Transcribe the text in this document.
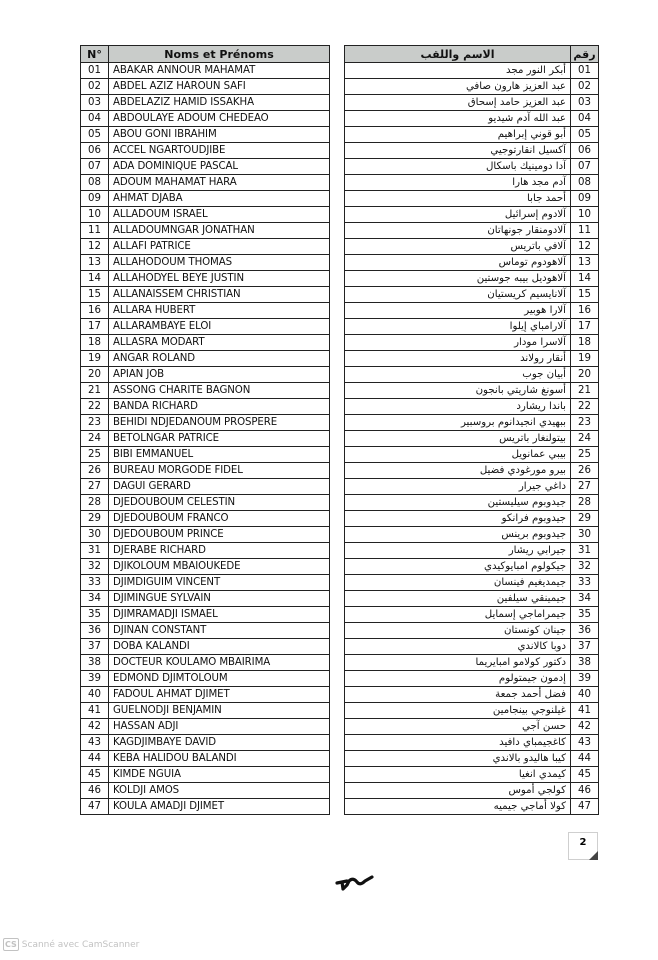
N°	Noms et Prénoms
01	ABAKAR ANNOUR MAHAMAT
02	ABDEL AZIZ HAROUN SAFI
03	ABDELAZIZ HAMID ISSAKHA
04	ABDOULAYE ADOUM CHEDEAO
05	ABOU GONI IBRAHIM
06	ACCEL NGARTOUDJIBE
07	ADA DOMINIQUE PASCAL
08	ADOUM MAHAMAT HARA
09	AHMAT DJABA
10	ALLADOUM ISRAEL
11	ALLADOUMNGAR JONATHAN
12	ALLAFI PATRICE
13	ALLAHODOUM THOMAS
14	ALLAHODYEL BEYE JUSTIN
15	ALLANAISSEM CHRISTIAN
16	ALLARA HUBERT
17	ALLARAMBAYE ELOI
18	ALLASRA MODART
19	ANGAR ROLAND
20	APIAN JOB
21	ASSONG CHARITE BAGNON
22	BANDA RICHARD
23	BEHIDI NDJEDANOUM PROSPERE
24	BETOLNGAR PATRICE
25	BIBI EMMANUEL
26	BUREAU MORGODE FIDEL
27	DAGUI GERARD
28	DJEDOUBOUM CELESTIN
29	DJEDOUBOUM FRANCO
30	DJEDOUBOUM PRINCE
31	DJERABE RICHARD
32	DJIKOLOUM MBAIOUKEDE
33	DJIMDIGUIM VINCENT
34	DJIMINGUE SYLVAIN
35	DJIMRAMADJI ISMAEL
36	DJINAN CONSTANT
37	DOBA KALANDI
38	DOCTEUR KOULAMO MBAIRIMA
39	EDMOND DJIMTOLOUM
40	FADOUL AHMAT DJIMET
41	GUELNODJI BENJAMIN
42	HASSAN ADJI
43	KAGDJIMBAYE DAVID
44	KEBA HALIDOU BALANDI
45	KIMDE NGUIA
46	KOLDJI AMOS
47	KOULA AMADJI DJIMET
رقم	الاسم واللقب
01	أبكر النور مجد
02	عبد العزيز هارون صافي
03	عبد العزيز حامد إسحاق
04	عبد الله آدم شيديو
05	أبو قوني إبراهيم
06	آكسيل انقارتوجيي
07	آدا دومينيك باسكال
08	آدم مجد هارا
09	أحمد جابا
10	آلادوم إسرائيل
11	آلادومنقار جونهاتان
12	آلافي باتريس
13	آلاهودوم توماس
14	آلاهوديل بيبه جوستين
15	آلانايسيم كريستيان
16	آلارا هوبير
17	آلارامباي إيلوا
18	آلاسرا مودار
19	أنقار رولاند
20	أبيان جوب
21	أسونغ شاريتي بانجون
22	باندا ريشارد
23	ببهيدي انجيدانوم بروسبير
24	بيتولنغار باتريس
25	بيبي عمانويل
26	بيرو مورغودي فضيل
27	داغي جيرار
28	جيدوبوم سيليستين
29	جيدوبوم فرانكو
30	جيدوبوم برينس
31	جيرابي ريشار
32	جيكولوم امبايوكيدي
33	جيمديغيم فينسان
34	جيمينقي سيلفين
35	جيمراماجي إسمايل
36	جينان كونستان
37	دوبا كالاندي
38	دكتور كولامو امبايريما
39	إدمون جيمتولوم
40	فضل أحمد جمعة
41	غيلنوجي بينجامين
42	حسن آجي
43	كاغجيمباي دافيد
44	كيبا هاليدو بالاندي
45	كيمدي انغيا
46	كولجي أموس
47	كولا أماجي جيميه
2
CS Scanné avec CamScanner
